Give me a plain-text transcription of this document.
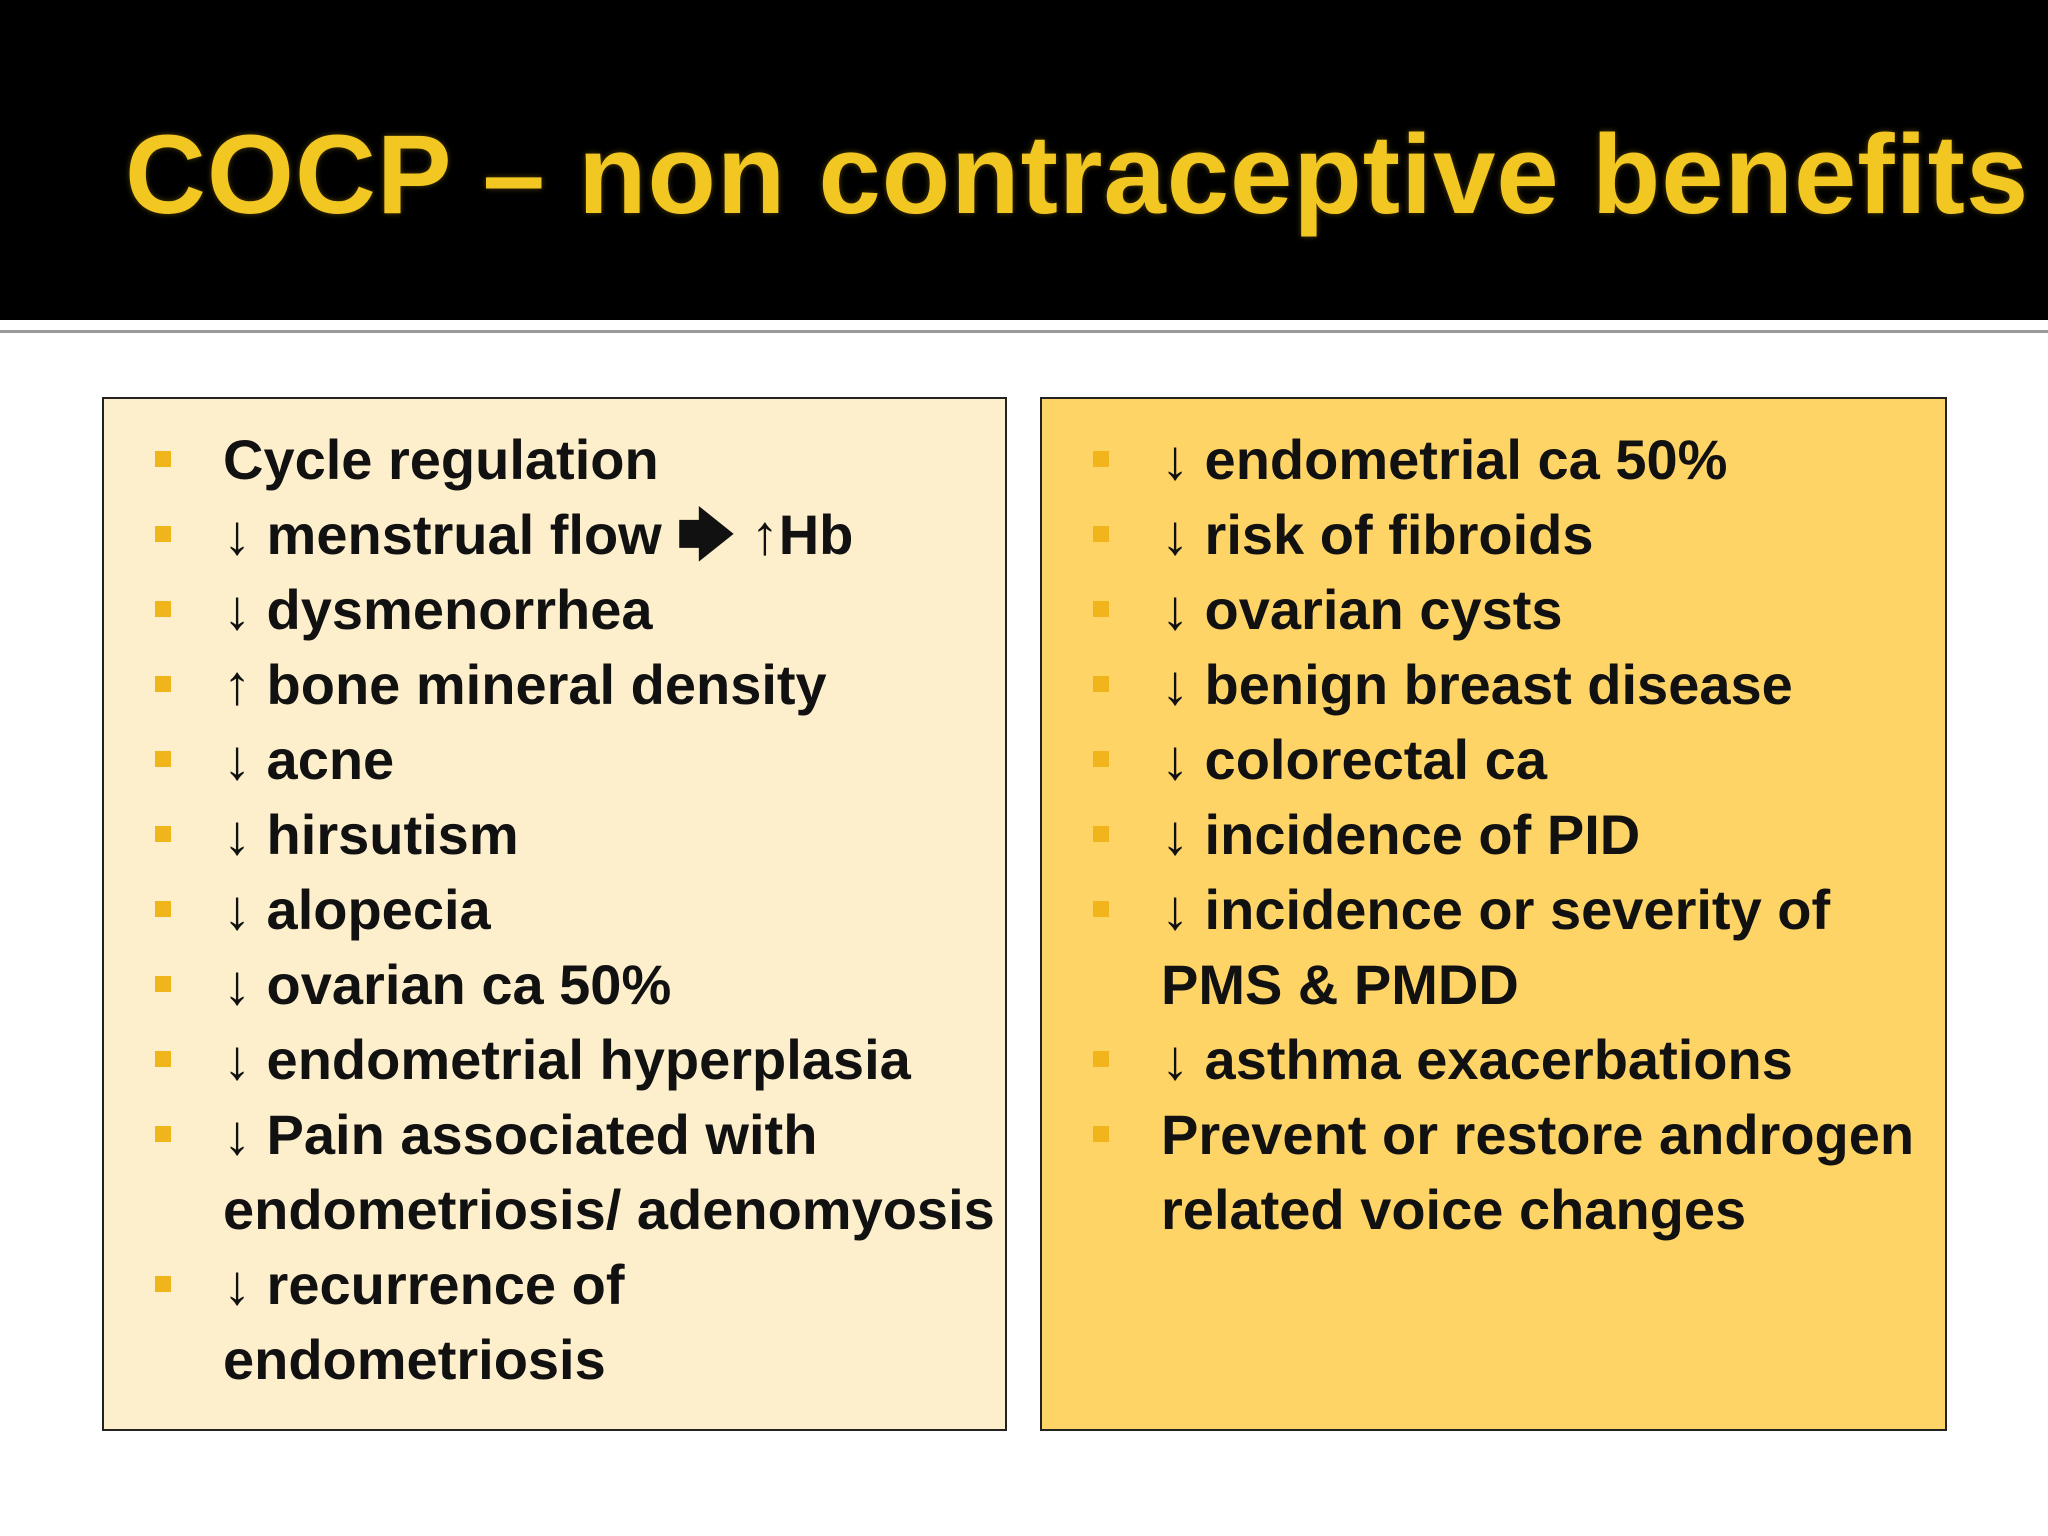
COCP – non contraceptive benefits
Cycle regulation
↓ menstrual flow 🡆 ↑Hb
↓ dysmenorrhea
↑ bone mineral density
↓ acne
↓ hirsutism
↓ alopecia
↓ ovarian ca 50%
↓ endometrial hyperplasia
↓ Pain associated with endometriosis/ adenomyosis
↓ recurrence of endometriosis
↓ endometrial ca 50%
↓ risk of fibroids
↓ ovarian cysts
↓ benign breast disease
↓ colorectal ca
↓ incidence of PID
↓ incidence or severity of PMS & PMDD
↓ asthma exacerbations
Prevent or restore androgen related voice changes
